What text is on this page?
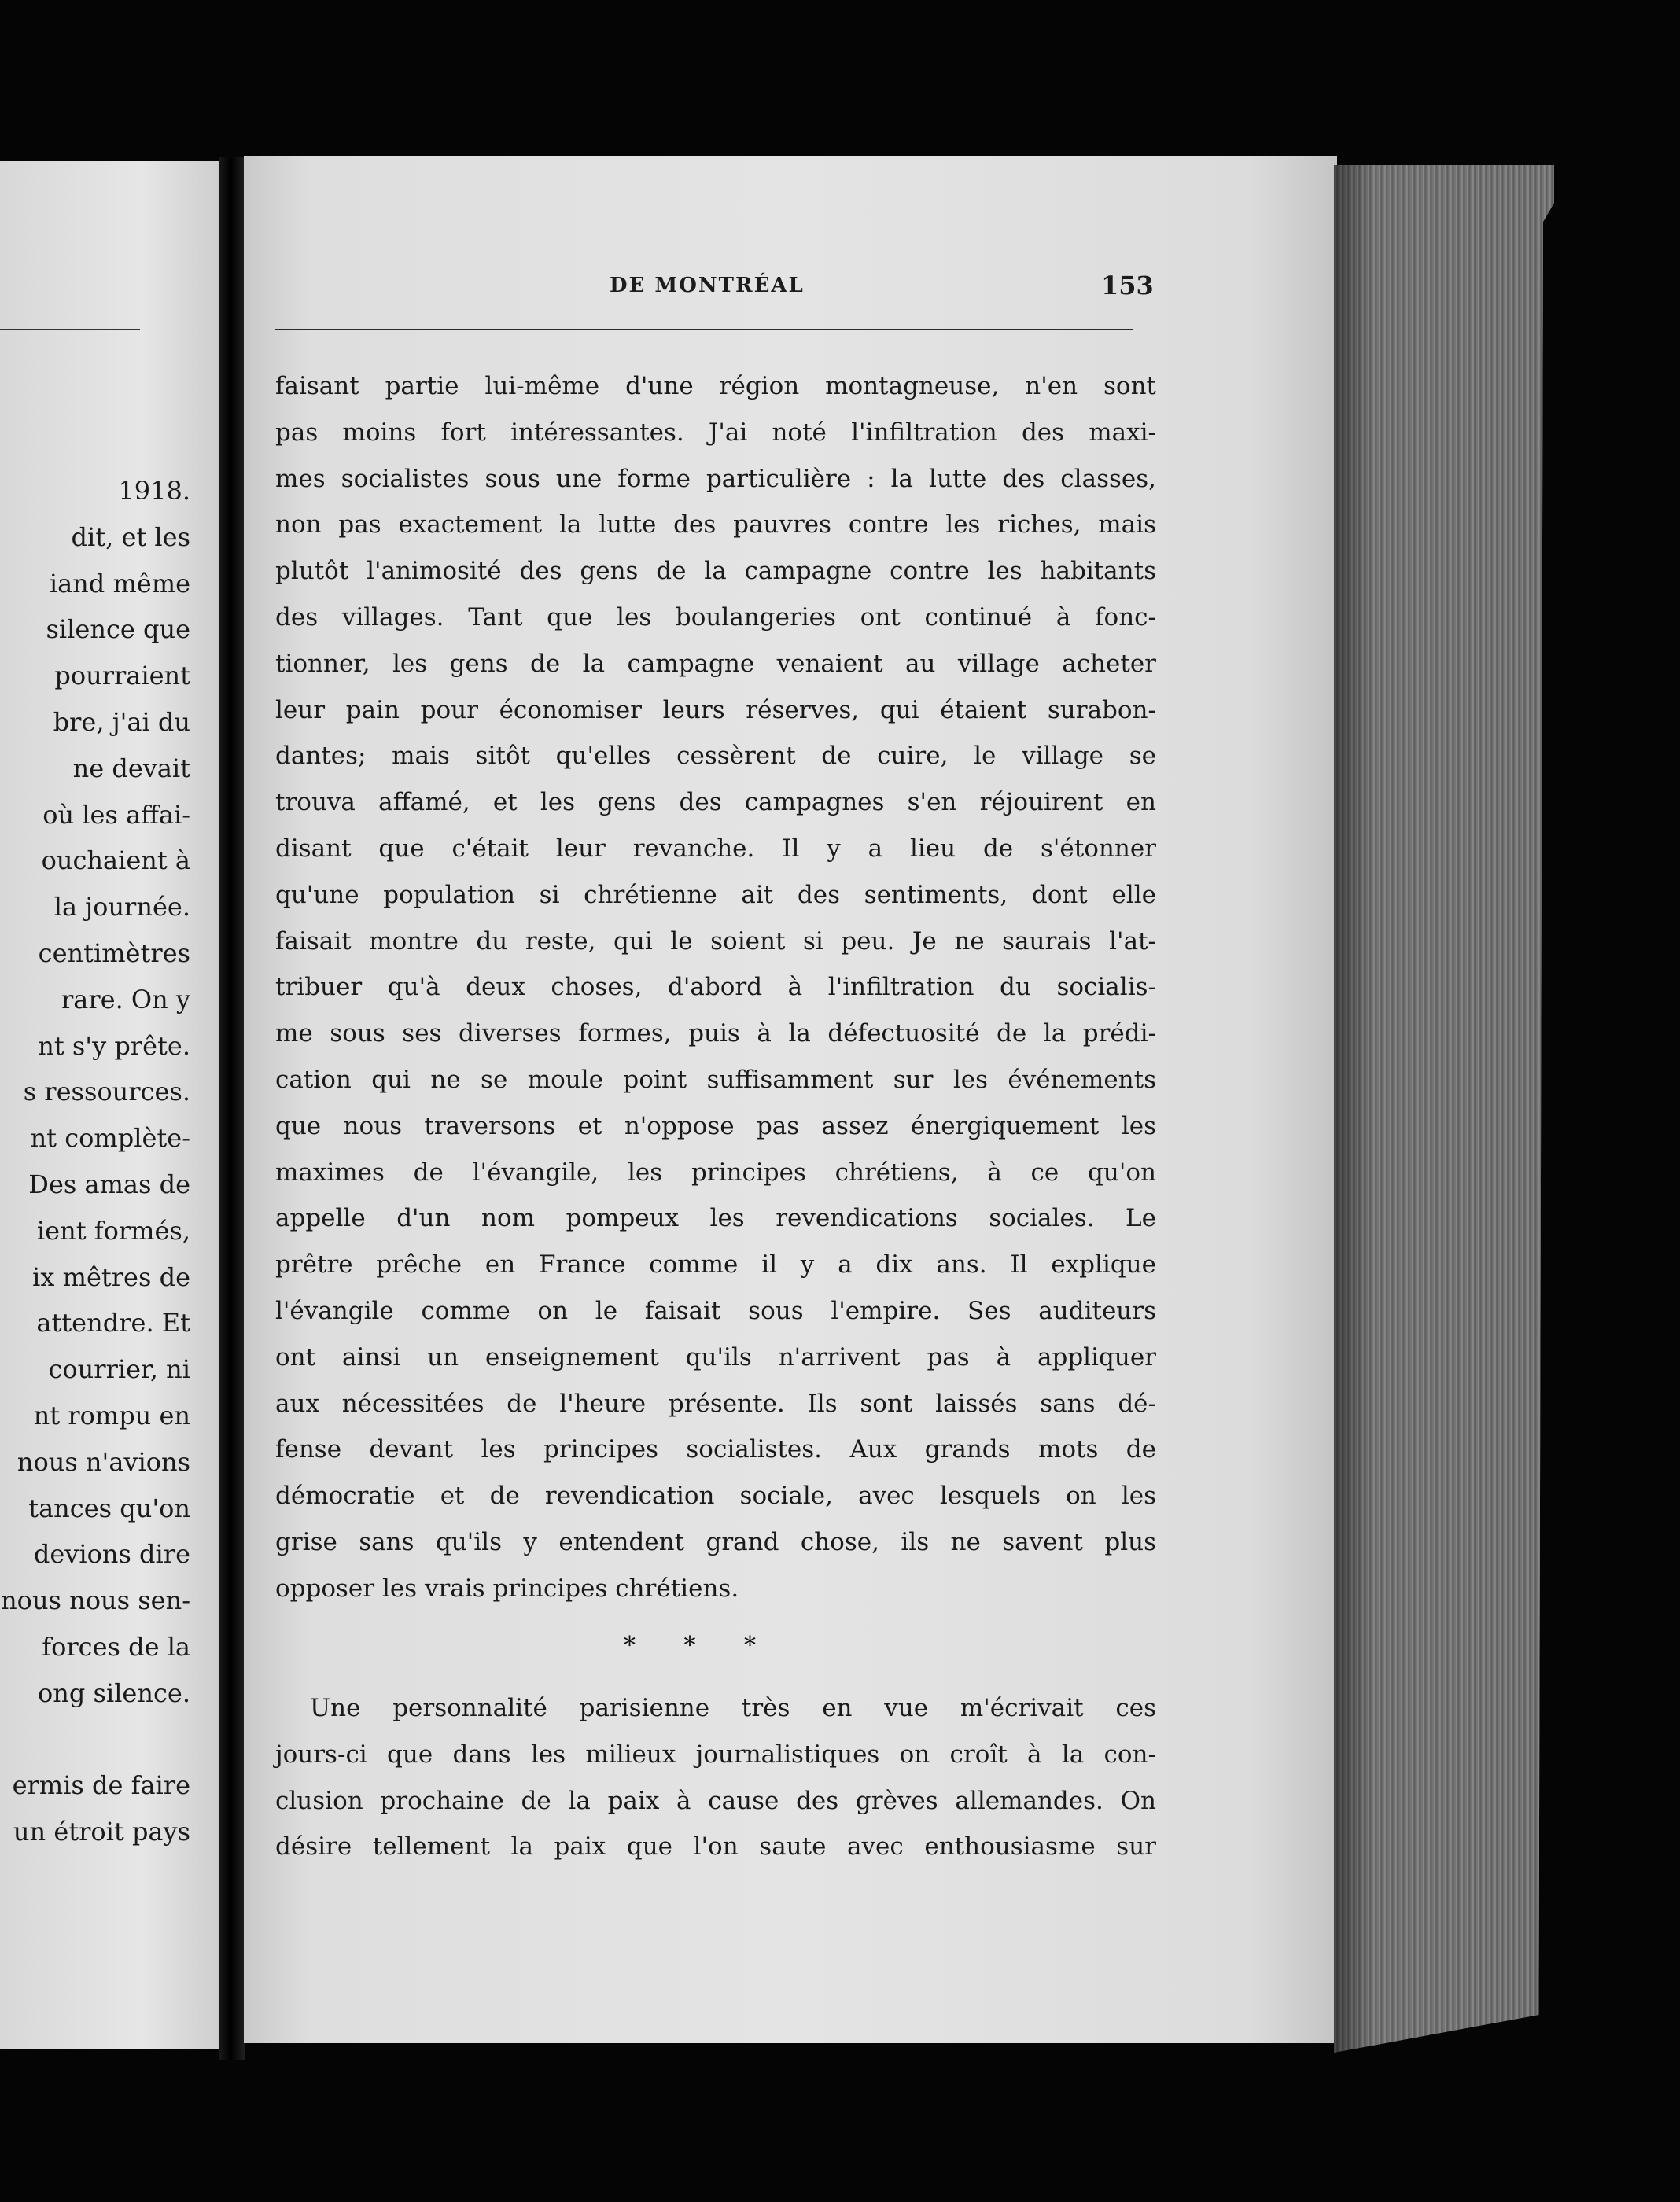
1918.
dit, et les
iand même
silence que
pourraient
bre, j'ai du
ne devait
où les affai-
ouchaient à
la journée.
centimètres
rare. On y
nt s'y prête.
s ressources.
nt complète-
Des amas de
ient formés,
ix mêtres de
attendre. Et
courrier, ni
nt rompu en
nous n'avions
tances qu'on
devions dire
nous nous sen-
forces de la
ong silence.
ermis de faire
un étroit pays
DE MONTRÉAL	153
faisant partie lui-même d'une région montagneuse, n'en sont
pas moins fort intéressantes. J'ai noté l'infiltration des maxi-
mes socialistes sous une forme particulière : la lutte des classes,
non pas exactement la lutte des pauvres contre les riches, mais
plutôt l'animosité des gens de la campagne contre les habitants
des villages. Tant que les boulangeries ont continué à fonc-
tionner, les gens de la campagne venaient au village acheter
leur pain pour économiser leurs réserves, qui étaient surabon-
dantes; mais sitôt qu'elles cessèrent de cuire, le village se
trouva affamé, et les gens des campagnes s'en réjouirent en
disant que c'était leur revanche. Il y a lieu de s'étonner
qu'une population si chrétienne ait des sentiments, dont elle
faisait montre du reste, qui le soient si peu. Je ne saurais l'at-
tribuer qu'à deux choses, d'abord à l'infiltration du socialis-
me sous ses diverses formes, puis à la défectuosité de la prédi-
cation qui ne se moule point suffisamment sur les événements
que nous traversons et n'oppose pas assez énergiquement les
maximes de l'évangile, les principes chrétiens, à ce qu'on
appelle d'un nom pompeux les revendications sociales. Le
prêtre prêche en France comme il y a dix ans. Il explique
l'évangile comme on le faisait sous l'empire. Ses auditeurs
ont ainsi un enseignement qu'ils n'arrivent pas à appliquer
aux nécessitées de l'heure présente. Ils sont laissés sans dé-
fense devant les principes socialistes. Aux grands mots de
démocratie et de revendication sociale, avec lesquels on les
grise sans qu'ils y entendent grand chose, ils ne savent plus
opposer les vrais principes chrétiens.
* * *
Une personnalité parisienne très en vue m'écrivait ces
jours-ci que dans les milieux journalistiques on croît à la con-
clusion prochaine de la paix à cause des grèves allemandes. On
désire tellement la paix que l'on saute avec enthousiasme sur
